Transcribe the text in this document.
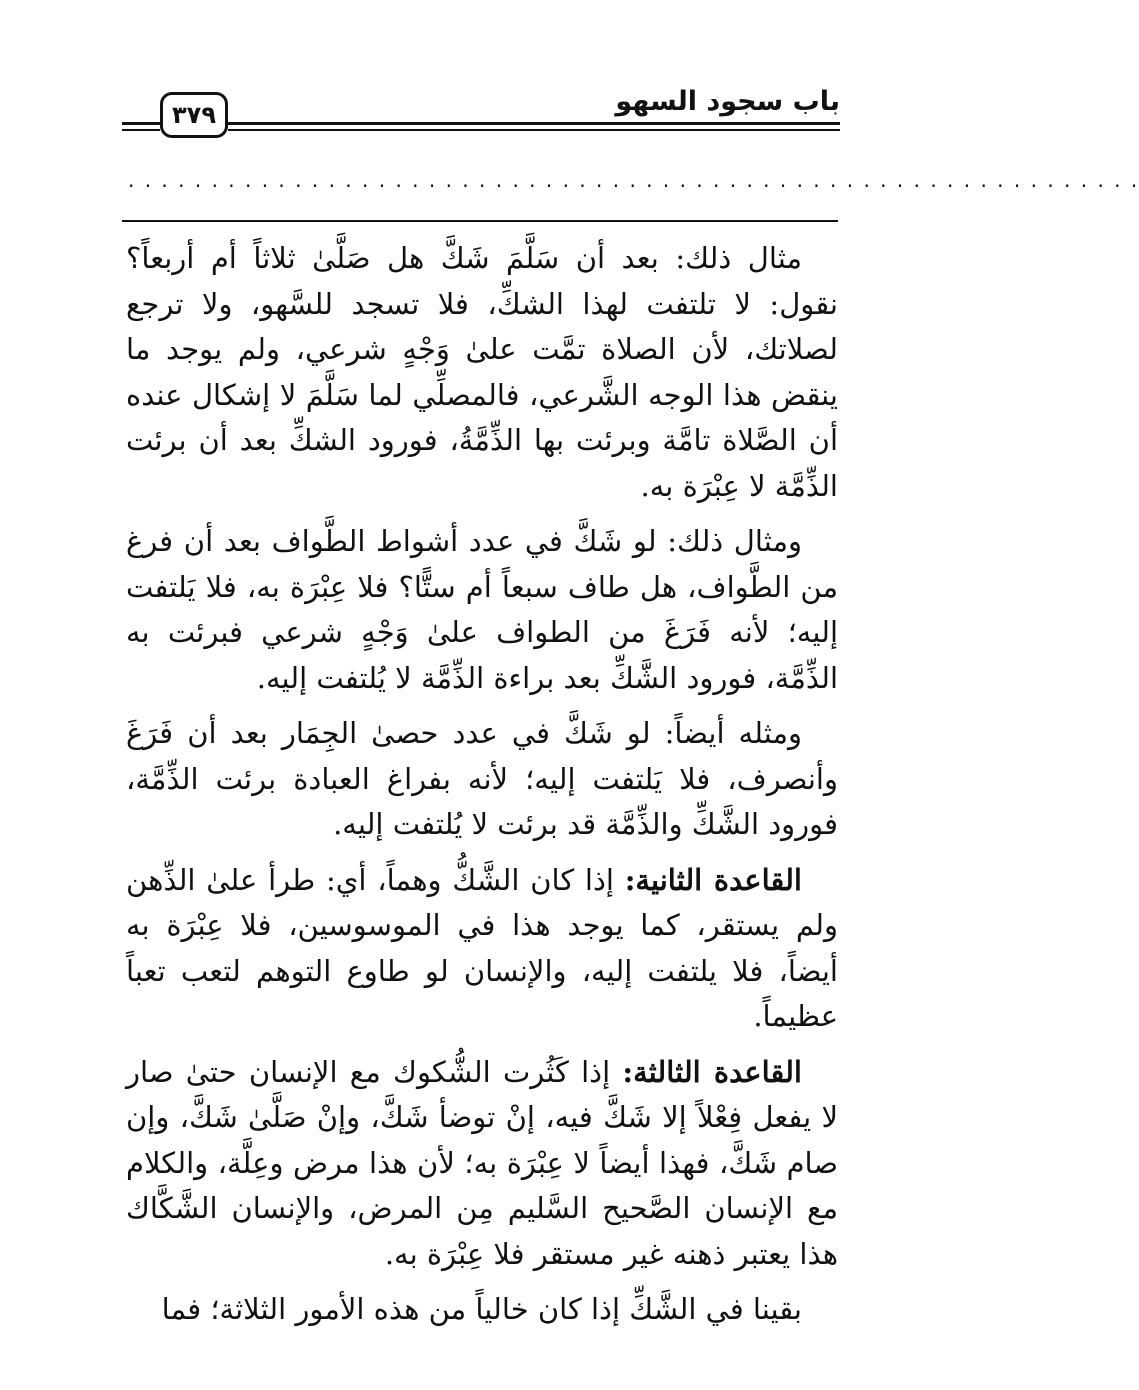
٣٧٩	باب سجود السهو
. . . . . . . . . . . . . . . . . . . . . . . . . . . . . . . . . . . . . . . . . . . . . . . . . . . . . . . . . . . . .

مثال ذلك: بعد أن سَلَّمَ شَكَّ هل صَلَّىٰ ثلاثاً أم أربعاً؟ نقول: لا تلتفت لهذا الشكِّ، فلا تسجد للسَّهو، ولا ترجع لصلاتك، لأن الصلاة تمَّت علىٰ وَجْهٍ شرعي، ولم يوجد ما ينقض هذا الوجه الشَّرعي، فالمصلِّي لما سَلَّمَ لا إشكال عنده أن الصَّلاة تامَّة وبرئت بها الذِّمَّةُ، فورود الشكِّ بعد أن برئت الذِّمَّة لا عِبْرَة به.

ومثال ذلك: لو شَكَّ في عدد أشواط الطَّواف بعد أن فرغ من الطَّواف، هل طاف سبعاً أم ستًّا؟ فلا عِبْرَة به، فلا يَلتفت إليه؛ لأنه فَرَغَ من الطواف علىٰ وَجْهٍ شرعي فبرئت به الذِّمَّة، فورود الشَّكِّ بعد براءة الذِّمَّة لا يُلتفت إليه.

ومثله أيضاً: لو شَكَّ في عدد حصىٰ الجِمَار بعد أن فَرَغَ وأنصرف، فلا يَلتفت إليه؛ لأنه بفراغ العبادة برئت الذِّمَّة، فورود الشَّكِّ والذِّمَّة قد برئت لا يُلتفت إليه.

القاعدة الثانية: إذا كان الشَّكُّ وهماً، أي: طرأ علىٰ الذِّهن ولم يستقر، كما يوجد هذا في الموسوسين، فلا عِبْرَة به أيضاً، فلا يلتفت إليه، والإنسان لو طاوع التوهم لتعب تعباً عظيماً.

القاعدة الثالثة: إذا كَثُرت الشُّكوك مع الإنسان حتىٰ صار لا يفعل فِعْلاً إلا شَكَّ فيه، إنْ توضأ شَكَّ، وإنْ صَلَّىٰ شَكَّ، وإن صام شَكَّ، فهذا أيضاً لا عِبْرَة به؛ لأن هذا مرض وعِلَّة، والكلام مع الإنسان الصَّحيح السَّليم مِن المرض، والإنسان الشَّكَّاك هذا يعتبر ذهنه غير مستقر فلا عِبْرَة به.

بقينا في الشَّكِّ إذا كان خالياً من هذه الأمور الثلاثة؛ فما
